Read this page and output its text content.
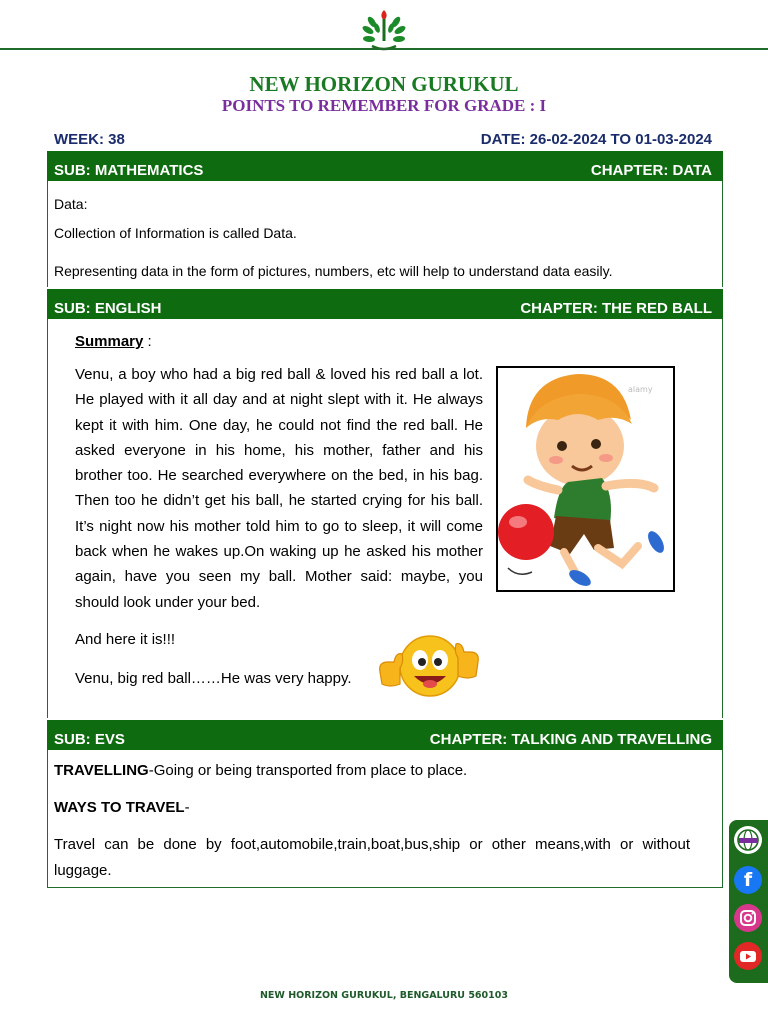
NEW HORIZON GURUKUL
POINTS TO REMEMBER FOR GRADE : I
WEEK: 38	DATE: 26-02-2024 TO 01-03-2024
SUB: MATHEMATICS	CHAPTER: DATA
Data:
Collection of Information is called Data.
Representing data in the form of pictures, numbers, etc will help to understand data easily.
SUB: ENGLISH	CHAPTER: THE RED BALL
Summary :
Venu, a boy who had a big red ball & loved his red ball a lot. He played with it all day and at night slept with it. He always kept it with him. One day, he could not find the red ball. He asked everyone in his home, his mother, father and his brother too. He searched everywhere on the bed, in his bag. Then too he didn’t get his ball, he started crying for his ball. It’s night now his mother told him to go to sleep, it will come back when he wakes up.On waking up he asked his mother again, have you seen my ball. Mother said: maybe, you should look under your bed.
alamy
And here it is!!!
Venu, big red ball……He was very happy.
SUB: EVS	CHAPTER: TALKING AND TRAVELLING
TRAVELLING-Going or being transported from place to place.
WAYS TO TRAVEL-
Travel can be done by foot,automobile,train,boat,bus,ship or other means,with or without luggage.
NEW HORIZON GURUKUL, BENGALURU 560103
f
